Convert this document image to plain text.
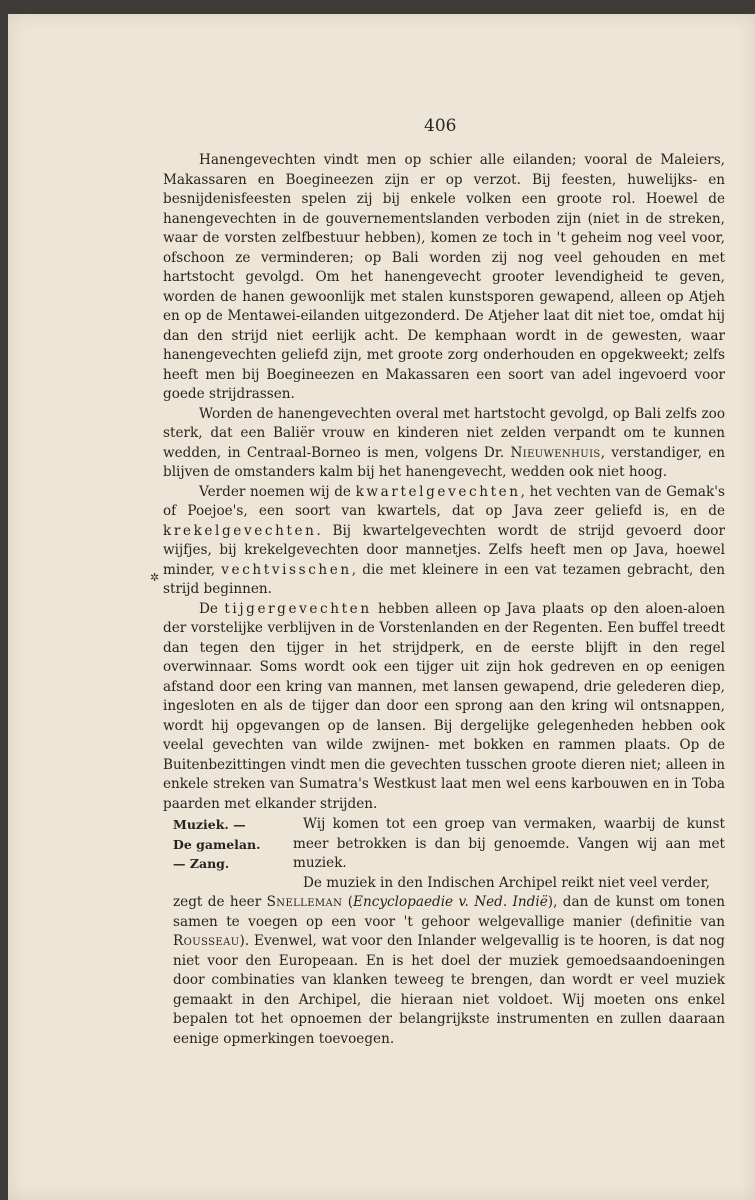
406
✲

Hanengevechten vindt men op schier alle eilanden; vooral de Maleiers, Makassaren en Boegineezen zijn er op verzot. Bij feesten, huwelijks- en besnijdenisfeesten spelen zij bij enkele volken een groote rol. Hoewel de hanengevechten in de gouvernementslanden verboden zijn (niet in de streken, waar de vorsten zelfbestuur hebben), komen ze toch in 't geheim nog veel voor, ofschoon ze verminderen; op Bali worden zij nog veel gehouden en met hartstocht gevolgd. Om het hanengevecht grooter levendigheid te geven, worden de hanen gewoonlijk met stalen kunstsporen gewapend, alleen op Atjeh en op de Mentawei-eilanden uitgezonderd. De Atjeher laat dit niet toe, omdat hij dan den strijd niet eerlijk acht. De kemphaan wordt in de gewesten, waar hanengevechten geliefd zijn, met groote zorg onderhouden en opgekweekt; zelfs heeft men bij Boegineezen en Makassaren een soort van adel ingevoerd voor goede strijdrassen.

Worden de hanengevechten overal met hartstocht gevolgd, op Bali zelfs zoo sterk, dat een Baliër vrouw en kinderen niet zelden verpandt om te kunnen wedden, in Centraal-Borneo is men, volgens Dr. Nieuwenhuis, verstandiger, en blijven de omstanders kalm bij het hanengevecht, wedden ook niet hoog.

Verder noemen wij de kwartelgevechten, het vechten van de Gemak's of Poejoe's, een soort van kwartels, dat op Java zeer geliefd is, en de krekelgevechten. Bij kwartelgevechten wordt de strijd gevoerd door wijfjes, bij krekelgevechten door mannetjes. Zelfs heeft men op Java, hoewel minder, vechtvisschen, die met kleinere in een vat tezamen gebracht, den strijd beginnen.

De tijgergevechten hebben alleen op Java plaats op den aloen-aloen der vorstelijke verblijven in de Vorstenlanden en der Regenten. Een buffel treedt dan tegen den tijger in het strijdperk, en de eerste blijft in den regel overwinnaar. Soms wordt ook een tijger uit zijn hok gedreven en op eenigen afstand door een kring van mannen, met lansen gewapend, drie gelederen diep, ingesloten en als de tijger dan door een sprong aan den kring wil ontsnappen, wordt hij opgevangen op de lansen. Bij dergelijke gelegenheden hebben ook veelal gevechten van wilde zwijnen- met bokken en rammen plaats. Op de Buitenbezittingen vindt men die gevechten tusschen groote dieren niet; alleen in enkele streken van Sumatra's Westkust laat men wel eens karbouwen en in Toba paarden met elkander strijden.

Muziek. —
De gamelan.
— Zang.

Wij komen tot een groep van vermaken, waarbij de kunst meer betrokken is dan bij genoemde. Vangen wij aan met muziek.

De muziek in den Indischen Archipel reikt niet veel verder,

zegt de heer Snelleman (Encyclopaedie v. Ned. Indië), dan de kunst om tonen samen te voegen op een voor 't gehoor welgevallige manier (definitie van Rousseau). Evenwel, wat voor den Inlander welgevallig is te hooren, is dat nog niet voor den Europeaan. En is het doel der muziek gemoedsaandoeningen door combinaties van klanken teweeg te brengen, dan wordt er veel muziek gemaakt in den Archipel, die hieraan niet voldoet. Wij moeten ons enkel bepalen tot het opnoemen der belangrijkste instrumenten en zullen daaraan eenige opmerkingen toevoegen.
